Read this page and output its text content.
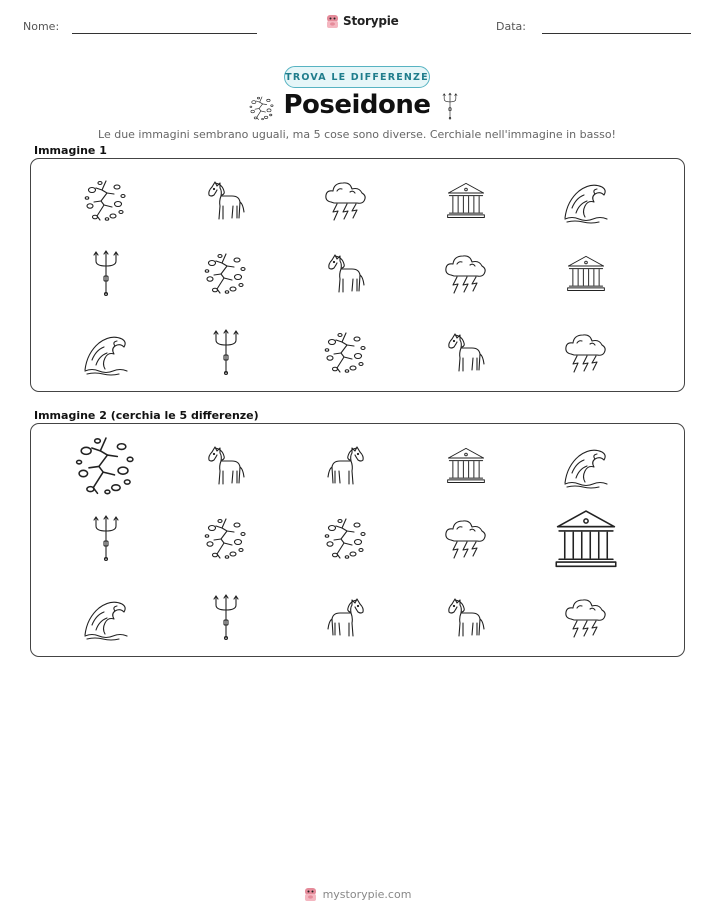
Nome:	Storypie	Data:
TROVA LE DIFFERENZE
Poseidone
Le due immagini sembrano uguali, ma 5 cose sono diverse. Cerchiale nell'immagine in basso!
Immagine 1
Immagine 2 (cerchia le 5 differenze)
mystorypie.com
